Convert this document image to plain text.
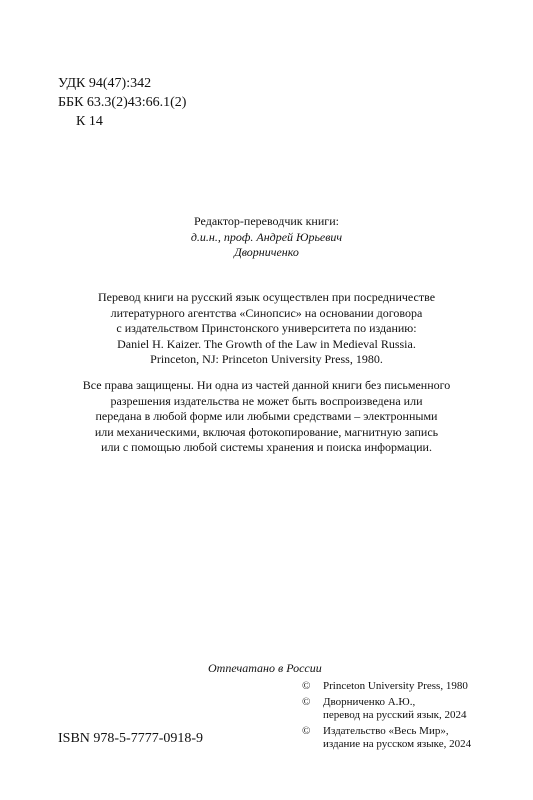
УДК 94(47):342
ББК 63.3(2)43:66.1(2)
К 14
Редактор-переводчик книги:
д.и.н., проф. Андрей Юрьевич
Дворниченко
Перевод книги на русский язык осуществлен при посредничестве
литературного агентства «Синопсис» на основании договора
с издательством Принстонского университета по изданию:
Daniel H. Kaizer. The Growth of the Law in Medieval Russia.
Princeton, NJ: Princeton University Press, 1980.
Все права защищены. Ни одна из частей данной книги без письменного
разрешения издательства не может быть воспроизведена или
передана в любой форме или любыми средствами – электронными
или механическими, включая фотокопирование, магнитную запись
или с помощью любой системы хранения и поиска информации.
Отпечатано в России
©	Princeton University Press, 1980
©	Дворниченко А.Ю.,
перевод на русский язык, 2024
©	Издательство «Весь Мир»,
издание на русском языке, 2024
ISBN 978-5-7777-0918-9
